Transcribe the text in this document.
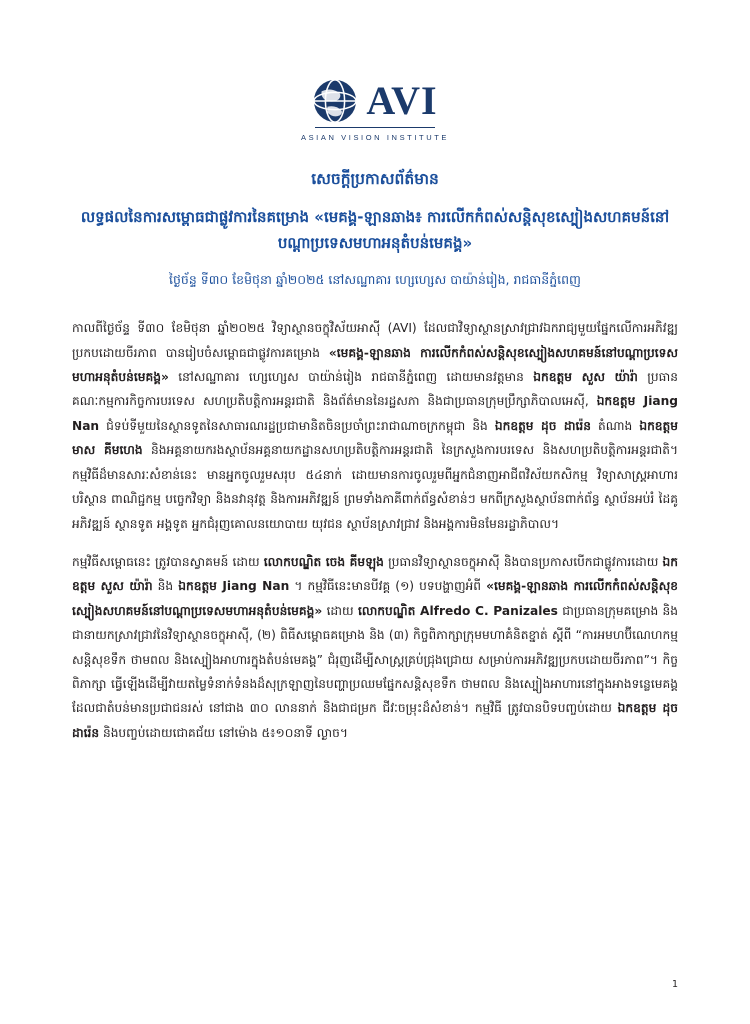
AVI
ASIAN VISION INSTITUTE
សេចក្តីប្រកាសព័ត៌មាន
លទ្ធផលនៃការសម្ពោធជាផ្លូវការនៃគម្រោង «មេគង្គ-ឡានឆាង៖ ការលើកកំពស់សន្តិសុខស្បៀងសហគមន៍នៅបណ្ដាប្រទេសមហាអនុតំបន់មេគង្គ»
ថ្ងៃច័ន្ទ ទី៣០ ខែមិថុនា ឆ្នាំ២០២៥ នៅសណ្ឋាគារ ហ្សេហ្សេស បាយ៉ាន់រៀង, រាជធានីភ្នំពេញ

កាលពីថ្ងៃច័ន្ទ ទី៣០ ខែមិថុនា ឆ្នាំ២០២៥ វិទ្យាស្ថានចក្ខុវិស័យអាស៊ី (AVI) ដែលជាវិទ្យាស្ថានស្រាវជ្រាវឯករាជ្យមួយផ្នែកលើការអភិវឌ្ឍប្រកបដោយចីរភាព បានរៀបចំសម្ពោធជាផ្លូវការគម្រោង «មេគង្គ-ឡានឆាង ការលើកកំពស់សន្តិសុខស្បៀងសហគមន៍នៅបណ្ដាប្រទេសមហាអនុតំបន់មេគង្គ» នៅសណ្ឋាគារ ហ្សេហ្សេស បាយ៉ាន់រៀង រាជធានីភ្នំពេញ ដោយមានវត្តមាន ឯកឧត្តម សួស យ៉ារ៉ា ប្រធានគណៈកម្មការកិច្ចការបរទេស សហប្រតិបត្តិការអន្តរជាតិ និងព័ត៌មាននៃរដ្ឋសភា និងជាប្រធានក្រុមប្រឹក្សាភិបាលអេស៊ី, ឯកឧត្តម Jiang Nan ជំទប់ទីមួយនៃស្ថានទូតនៃសាធារណរដ្ឋប្រជាមានិតចិនប្រចាំព្រះរាជាណាចក្រកម្ពុជា និង ឯកឧត្តម ដុច ដារ៉េន តំណាង ឯកឧត្តម មាស គីមហេង និងអគ្គនាយករងស្ថាប័នអគ្គនាយកដ្ឋានសហប្រតិបត្តិការអន្តរជាតិ នៃក្រសួងការបរទេស និងសហប្រតិបត្តិការអន្តរជាតិ។ កម្មវិធីដ៏មានសារៈសំខាន់នេះ មានអ្នកចូលរួមសរុប ៥៤នាក់ ដោយមានការចូលរួមពីអ្នកជំនាញអាជីពវិស័យកសិកម្ម វិទ្យាសាស្ត្រអាហារ បរិស្ថាន ពាណិជ្ជកម្ម បច្ចេកវិទ្យា និងនវានុវត្ត និងការអភិវឌ្ឍន៍ ព្រមទាំងភាគីពាក់ព័ន្ធសំខាន់ៗ មកពីក្រសួងស្ថាប័នពាក់ព័ន្ធ ស្ថាប័នអប់រំ ដៃគូអភិវឌ្ឍន៍ ស្ថានទូត អង្គទូត អ្នកជំរុញគោលនយោបាយ យុវជន ស្ថាប័នស្រាវជ្រាវ និងអង្គការមិនមែនរដ្ឋាភិបាល។

កម្មវិធីសម្ពោធនេះ ត្រូវបានស្វាគមន៍ ដោយ លោកបណ្ឌិត ចេង គីមឡុង ប្រធានវិទ្យាស្ថានចក្ខុអាស៊ី និងបានប្រកាសបើកជាផ្លូវការដោយ ឯកឧត្តម សួស យ៉ារ៉ា និង ឯកឧត្តម Jiang Nan ។ កម្មវិធីនេះមានបីវគ្គ (១) បទបង្ហាញអំពី «មេគង្គ-ឡានឆាង ការលើកកំពស់សន្តិសុខស្បៀងសហគមន៍នៅបណ្ដាប្រទេសមហាអនុតំបន់មេគង្គ» ដោយ លោកបណ្ឌិត Alfredo C. Panizales ជាប្រធានក្រុមគម្រោង និងជានាយកស្រាវជ្រាវនៃវិទ្យាស្ថានចក្ខុអាស៊ី, (២) ពិធីសម្ពោធគម្រោង និង (៣) កិច្ចពិភាក្សាក្រុមមហាគំនិតខ្នាត់ ស្ដីពី “ការអមហប៊ីណេហកម្ម សន្តិសុខទឹក ថាមពល និងស្បៀងអាហារក្នុងតំបន់មេគង្គ” ជំរុញដើម្បីសាស្ត្រគ្រប់ជ្រុងជ្រោយ សម្រាប់ការអភិវឌ្ឍប្រកបដោយចីរភាព”។ កិច្ចពិភាក្សា ធ្វើឡើងដើម្បីវាយតម្លៃទំនាក់ទំនងដ៏សុក្រឡាញនៃបញ្ហាប្រឈមផ្នែកសន្តិសុខទឹក ថាមពល និងស្បៀងអាហារនៅក្នុងអាងទន្លេមេគង្គ ដែលជាតំបន់មានប្រជាជនរស់ នៅជាង ៣០ លាននាក់ និងជាជម្រក ជីវៈចម្រុះដ៏សំខាន់។ កម្មវិធី ត្រូវបានបិទបញ្ចប់ដោយ ឯកឧត្តម ដុច ដារ៉េន និងបញ្ចប់ដោយជោគជ័យ នៅម៉ោង ៥៖១០នាទី ល្ងាច។

1
